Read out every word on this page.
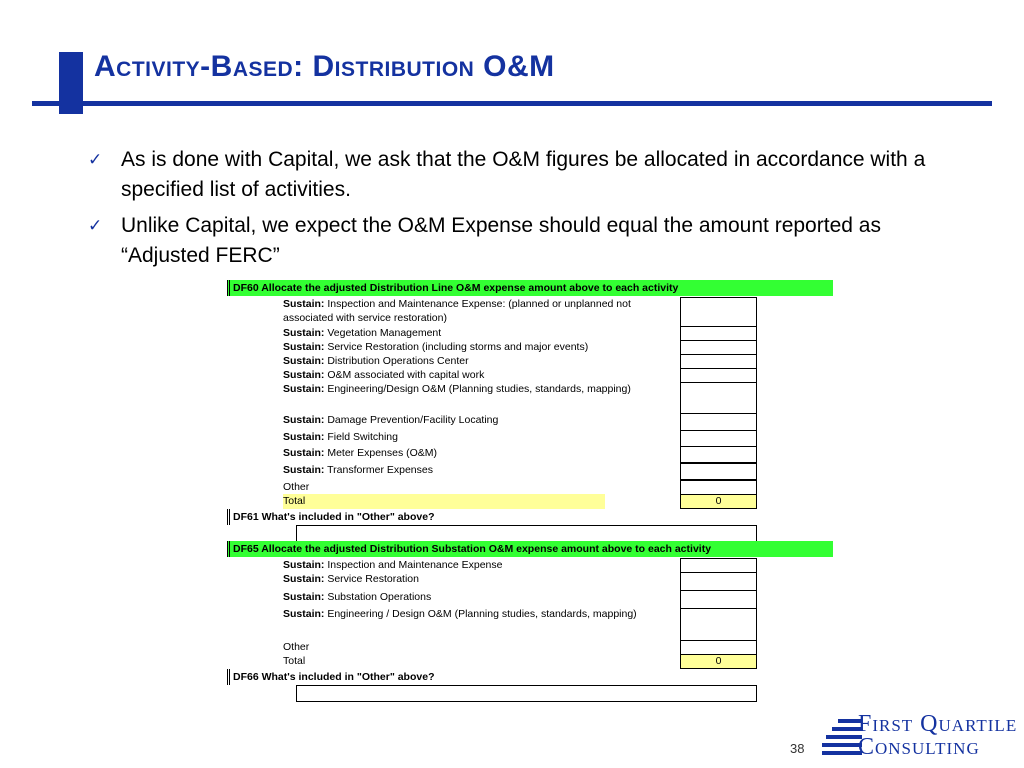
Activity-Based: Distribution O&M
✓ As is done with Capital, we ask that the O&M figures be allocated in accordance with a specified list of activities.
✓ Unlike Capital, we expect the O&M Expense should equal the amount reported as “Adjusted FERC”
DF60 Allocate the adjusted Distribution Line O&M expense amount above to each activity
Sustain: Inspection and Maintenance Expense: (planned or unplanned not associated with service restoration)
Sustain: Vegetation Management
Sustain: Service Restoration (including storms and major events)
Sustain: Distribution Operations Center
Sustain: O&M associated with capital work
Sustain: Engineering/Design O&M (Planning studies, standards, mapping)
Sustain: Damage Prevention/Facility Locating
Sustain: Field Switching
Sustain: Meter Expenses (O&M)
Sustain: Transformer Expenses
Other
Total	0
DF61 What's included in "Other" above?
DF65 Allocate the adjusted Distribution Substation O&M expense amount above to each activity
Sustain: Inspection and Maintenance Expense
Sustain: Service Restoration
Sustain: Substation Operations
Sustain: Engineering / Design O&M (Planning studies, standards, mapping)
Other
Total	0
DF66 What's included in "Other" above?
38
First Quartile
Consulting
